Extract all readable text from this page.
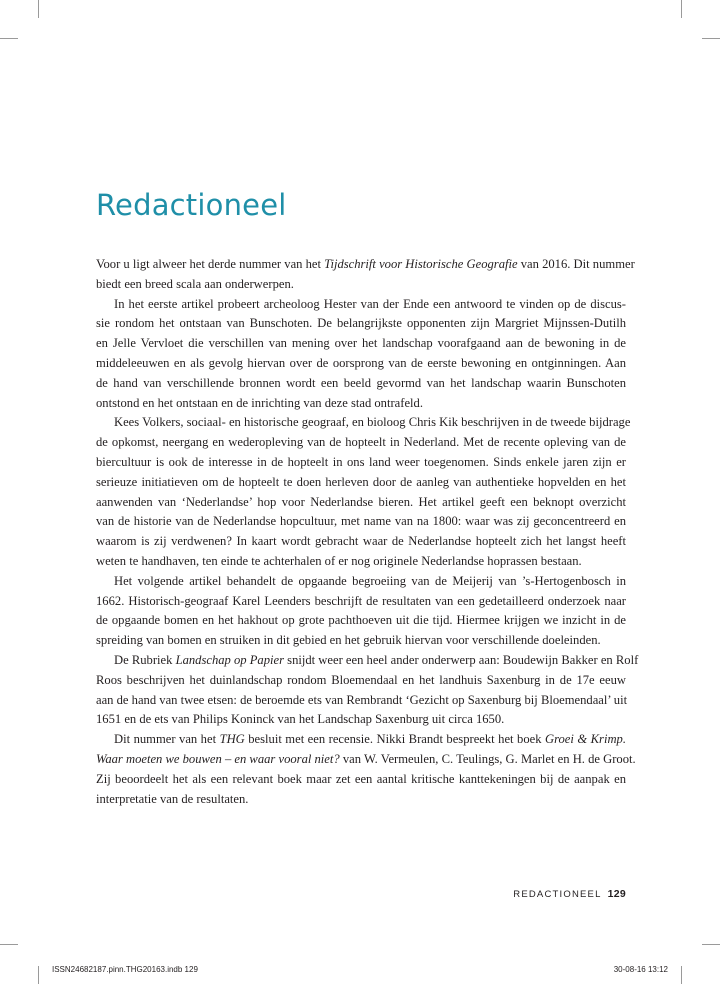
Redactioneel
Voor u ligt alweer het derde nummer van het Tijdschrift voor Historische Geografie van 2016. Dit nummer
biedt een breed scala aan onderwerpen.
In het eerste artikel probeert archeoloog Hester van der Ende een antwoord te vinden op de discus-
sie rondom het ontstaan van Bunschoten. De belangrijkste opponenten zijn Margriet Mijnssen-Dutilh
en Jelle Vervloet die verschillen van mening over het landschap voorafgaand aan de bewoning in de
middeleeuwen en als gevolg hiervan over de oorsprong van de eerste bewoning en ontginningen. Aan
de hand van verschillende bronnen wordt een beeld gevormd van het landschap waarin Bunschoten
ontstond en het ontstaan en de inrichting van deze stad ontrafeld.
Kees Volkers, sociaal- en historische geograaf, en bioloog Chris Kik beschrijven in de tweede bijdrage
de opkomst, neergang en wederopleving van de hopteelt in Nederland. Met de recente opleving van de
biercultuur is ook de interesse in de hopteelt in ons land weer toegenomen. Sinds enkele jaren zijn er
serieuze initiatieven om de hopteelt te doen herleven door de aanleg van authentieke hopvelden en het
aanwenden van ‘Nederlandse’ hop voor Nederlandse bieren. Het artikel geeft een beknopt overzicht
van de historie van de Nederlandse hopcultuur, met name van na 1800: waar was zij geconcentreerd en
waarom is zij verdwenen? In kaart wordt gebracht waar de Nederlandse hopteelt zich het langst heeft
weten te handhaven, ten einde te achterhalen of er nog originele Nederlandse hoprassen bestaan.
Het volgende artikel behandelt de opgaande begroeiing van de Meijerij van ’s-Hertogenbosch in
1662. Historisch-geograaf Karel Leenders beschrijft de resultaten van een gedetailleerd onderzoek naar
de opgaande bomen en het hakhout op grote pachthoeven uit die tijd. Hiermee krijgen we inzicht in de
spreiding van bomen en struiken in dit gebied en het gebruik hiervan voor verschillende doeleinden.
De Rubriek Landschap op Papier snijdt weer een heel ander onderwerp aan: Boudewijn Bakker en Rolf
Roos beschrijven het duinlandschap rondom Bloemendaal en het landhuis Saxenburg in de 17e eeuw
aan de hand van twee etsen: de beroemde ets van Rembrandt ‘Gezicht op Saxenburg bij Bloemendaal’ uit
1651 en de ets van Philips Koninck van het Landschap Saxenburg uit circa 1650.
Dit nummer van het THG besluit met een recensie. Nikki Brandt bespreekt het boek Groei & Krimp.
Waar moeten we bouwen – en waar vooral niet? van W. Vermeulen, C. Teulings, G. Marlet en H. de Groot.
Zij beoordeelt het als een relevant boek maar zet een aantal kritische kanttekeningen bij de aanpak en
interpretatie van de resultaten.
REDACTIONEEL 129
ISSN24682187.pinn.THG20163.indb 129	30-08-16 13:12
